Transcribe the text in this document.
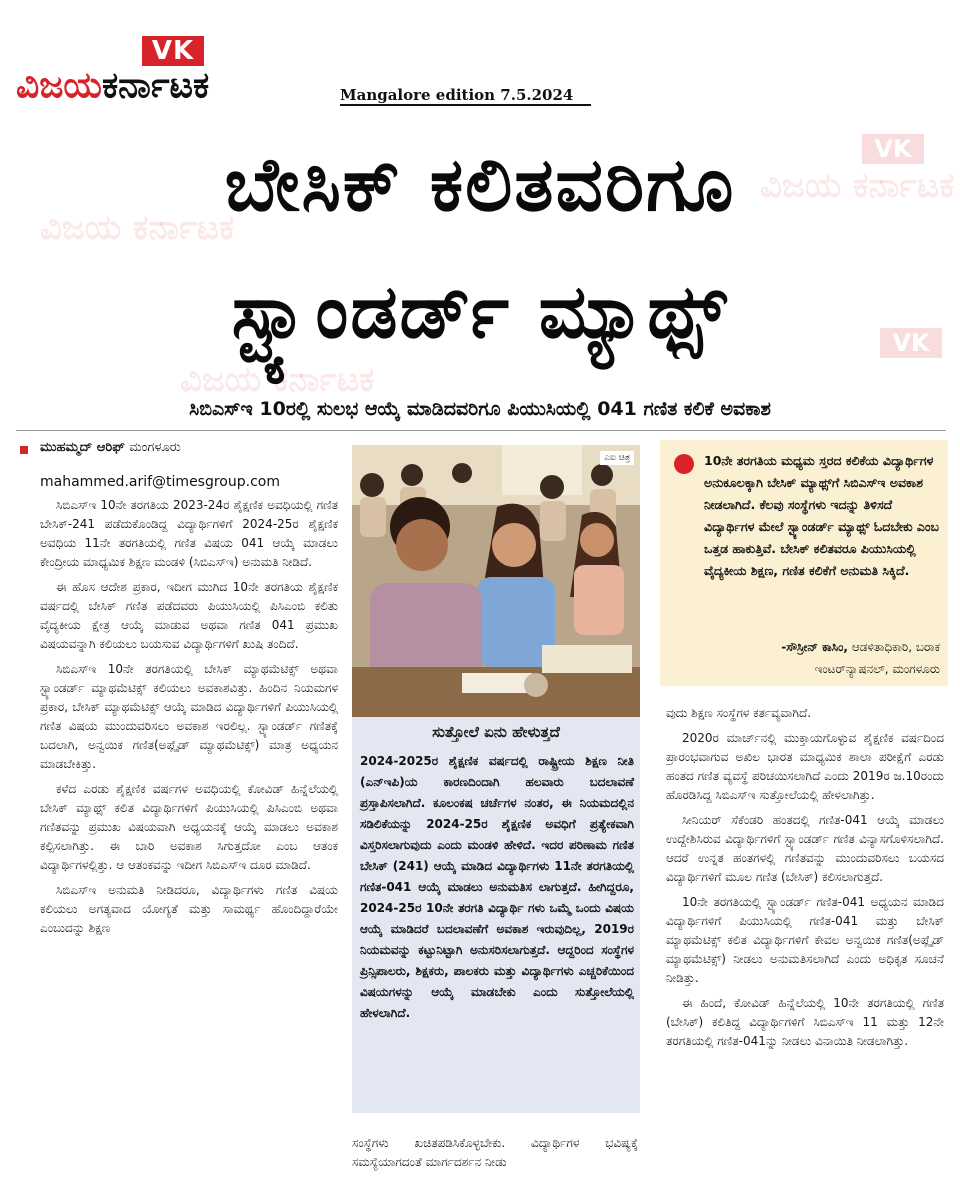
VK
ವಿಜಯ ಕರ್ನಾಟಕ
ವಿಜಯ ಕರ್ನಾಟಕ
VK
ವಿಜಯ ಕರ್ನಾಟಕ
VK
ವಿಜಯಕರ್ನಾಟಕ	Mangalore edition 7.5.2024
ಬೇಸಿಕ್ ಕಲಿತವರಿಗೂ
ಸ್ಟ್ಯಾಂಡರ್ಡ್ ಮ್ಯಾಥ್ಸ್
ಸಿಬಿಎಸ್‌ಇ 10ರಲ್ಲಿ ಸುಲಭ ಆಯ್ಕೆ ಮಾಡಿದವರಿಗೂ ಪಿಯುಸಿಯಲ್ಲಿ 041 ಗಣಿತ ಕಲಿಕೆ ಅವಕಾಶ
ಮುಹಮ್ಮದ್ ಆರಿಫ್ ಮಂಗಳೂರು
mahammed.arif@timesgroup.com

ಸಿಬಿಎಸ್‌ಇ 10ನೇ ತರಗತಿಯ 2023-24ರ ಶೈಕ್ಷಣಿಕ ಅವಧಿಯಲ್ಲಿ ಗಣಿತ ಬೇಸಿಕ್-241 ಪಡೆದುಕೊಂಡಿದ್ದ ವಿದ್ಯಾರ್ಥಿಗಳಿಗೆ 2024-25ರ ಶೈಕ್ಷಣಿಕ ಅವಧಿಯ 11ನೇ ತರಗತಿಯಲ್ಲಿ ಗಣಿತ ವಿಷಯ 041 ಆಯ್ಕೆ ಮಾಡಲು ಕೇಂದ್ರೀಯ ಮಾಧ್ಯಮಿಕ ಶಿಕ್ಷಣ ಮಂಡಳಿ (ಸಿಬಿಎಸ್‌ಇ) ಅನುಮತಿ ನೀಡಿದೆ.

ಈ ಹೊಸ ಆದೇಶ ಪ್ರಕಾರ, ಇದೀಗ ಮುಗಿದ 10ನೇ ತರಗತಿಯ ಶೈಕ್ಷಣಿಕ ವರ್ಷದಲ್ಲಿ ಬೇಸಿಕ್ ಗಣಿತ ಪಡೆದವರು ಪಿಯುಸಿಯಲ್ಲಿ ಪಿಸಿಎಂಬಿ ಕಲಿತು ವೈದ್ಯಕೀಯ ಕ್ಷೇತ್ರ ಆಯ್ಕೆ ಮಾಡುವ ಅಥವಾ ಗಣಿತ 041 ಪ್ರಮುಖ ವಿಷಯವನ್ನಾಗಿ ಕಲಿಯಲು ಬಯಸುವ ವಿದ್ಯಾರ್ಥಿಗಳಿಗೆ ಖುಷಿ ತಂದಿದೆ.

ಸಿಬಿಎಸ್‌ಇ 10ನೇ ತರಗತಿಯಲ್ಲಿ ಬೇಸಿಕ್ ಮ್ಯಾಥಮೆಟಿಕ್ಸ್ ಅಥವಾ ಸ್ಟ್ಯಾಂಡರ್ಡ್ ಮ್ಯಾಥಮೆಟಿಕ್ಸ್ ಕಲಿಯಲು ಅವಕಾಶವಿತ್ತು. ಹಿಂದಿನ ನಿಯಮಗಳ ಪ್ರಕಾರ, ಬೇಸಿಕ್ ಮ್ಯಾಥಮೆಟಿಕ್ಸ್ ಆಯ್ಕೆ ಮಾಡಿದ ವಿದ್ಯಾರ್ಥಿಗಳಿಗೆ ಪಿಯುಸಿಯಲ್ಲಿ ಗಣಿತ ವಿಷಯ ಮುಂದುವರಿಸಲು ಅವಕಾಶ ಇರಲಿಲ್ಲ. ಸ್ಟ್ಯಾಂಡರ್ಡ್ ಗಣಿತಕ್ಕೆ ಬದಲಾಗಿ, ಅನ್ವಯಿಕ ಗಣಿತ(ಅಪ್ಲೈಡ್ ಮ್ಯಾಥಮೆಟಿಕ್ಸ್) ಮಾತ್ರ ಅಧ್ಯಯನ ಮಾಡಬೇಕಿತ್ತು.

ಕಳೆದ ಎರಡು ಶೈಕ್ಷಣಿಕ ವರ್ಷಗಳ ಅವಧಿಯಲ್ಲಿ ಕೋವಿಡ್ ಹಿನ್ನೆಲೆಯಲ್ಲಿ ಬೇಸಿಕ್ ಮ್ಯಾಥ್ಸ್ ಕಲಿತ ವಿದ್ಯಾರ್ಥಿಗಳಿಗೆ ಪಿಯುಸಿಯಲ್ಲಿ ಪಿಸಿಎಂಬಿ ಅಥವಾ ಗಣಿತವನ್ನು ಪ್ರಮುಖ ವಿಷಯವಾಗಿ ಅಧ್ಯಯನಕ್ಕೆ ಆಯ್ಕೆ ಮಾಡಲು ಅವಕಾಶ ಕಲ್ಪಿಸಲಾಗಿತ್ತು. ಈ ಬಾರಿ ಅವಕಾಶ ಸಿಗುತ್ತದೋ ಎಂಬ ಆತಂಕ ವಿದ್ಯಾರ್ಥಿಗಳಲ್ಲಿತ್ತು. ಆ ಆತಂಕವನ್ನು ಇದೀಗ ಸಿಬಿಎಸ್‌ಇ ದೂರ ಮಾಡಿದೆ.

ಸಿಬಿಎಸ್‌ಇ ಅನುಮತಿ ನೀಡಿದರೂ, ವಿದ್ಯಾರ್ಥಿಗಳು ಗಣಿತ ವಿಷಯ ಕಲಿಯಲು ಅಗತ್ಯವಾದ ಯೋಗ್ಯತೆ ಮತ್ತು ಸಾಮರ್ಥ್ಯ ಹೊಂದಿದ್ದಾರೆಯೇ ಎಂಬುದನ್ನು ಶಿಕ್ಷಣ

ಎಐ ಚಿತ್ರ
ಸುತ್ತೋಲೆ ಏನು ಹೇಳುತ್ತದೆ
2024-2025ರ ಶೈಕ್ಷಣಿಕ ವರ್ಷದಲ್ಲಿ ರಾಷ್ಟ್ರೀಯ ಶಿಕ್ಷಣ ನೀತಿ (ಎನ್‌ಇಪಿ)ಯ ಕಾರಣದಿಂದಾಗಿ ಹಲವಾರು ಬದಲಾವಣೆ ಪ್ರಸ್ತಾಪಿಸಲಾಗಿದೆ. ಕೂಲಂಕಷ ಚರ್ಚೆಗಳ ನಂತರ, ಈ ನಿಯಮದಲ್ಲಿನ ಸಡಿಲಿಕೆಯನ್ನು 2024-25ರ ಶೈಕ್ಷಣಿಕ ಅವಧಿಗೆ ಪ್ರತ್ಯೇಕವಾಗಿ ವಿಸ್ತರಿಸಲಾಗುವುದು ಎಂದು ಮಂಡಳಿ ಹೇಳಿದೆ. ಇದರ ಪರಿಣಾಮ ಗಣಿತ ಬೇಸಿಕ್ (241) ಆಯ್ಕೆ ಮಾಡಿದ ವಿದ್ಯಾರ್ಥಿಗಳು 11ನೇ ತರಗತಿಯಲ್ಲಿ ಗಣಿತ-041 ಆಯ್ಕೆ ಮಾಡಲು ಅನುಮತಿಸ ಲಾಗುತ್ತದೆ. ಹೀಗಿದ್ದರೂ, 2024-25ರ 10ನೇ ತರಗತಿ ವಿದ್ಯಾರ್ಥಿ ಗಳು ಒಮ್ಮೆ ಒಂದು ವಿಷಯ ಆಯ್ಕೆ ಮಾಡಿದರೆ ಬದಲಾವಣೆಗೆ ಅವಕಾಶ ಇರುವುದಿಲ್ಲ, 2019ರ ನಿಯಮವನ್ನು ಕಟ್ಟುನಿಟ್ಟಾಗಿ ಅನುಸರಿಸಲಾಗುತ್ತದೆ. ಆದ್ದರಿಂದ ಸಂಸ್ಥೆಗಳ ಪ್ರಿನ್ಸಿಪಾಲರು, ಶಿಕ್ಷಕರು, ಪಾಲಕರು ಮತ್ತು ವಿದ್ಯಾರ್ಥಿಗಳು ಎಚ್ಚರಿಕೆಯಿಂದ ವಿಷಯಗಳನ್ನು ಆಯ್ಕೆ ಮಾಡಬೇಕು ಎಂದು ಸುತ್ತೋಲೆಯಲ್ಲಿ ಹೇಳಲಾಗಿದೆ.

ಸಂಸ್ಥೆಗಳು ಖಚಿತಪಡಿಸಿಕೊಳ್ಳಬೇಕು. ವಿದ್ಯಾರ್ಥಿಗಳ ಭವಿಷ್ಯಕ್ಕೆ ಸಮಸ್ಯೆಯಾಗದಂತೆ ಮಾರ್ಗದರ್ಶನ ನೀಡು

10ನೇ ತರಗತಿಯ ಮಧ್ಯಮ ಸ್ತರದ ಕಲಿಕೆಯ ವಿದ್ಯಾರ್ಥಿಗಳ ಅನುಕೂಲಕ್ಕಾಗಿ ಬೇಸಿಕ್ ಮ್ಯಾಥ್ಸ್‌ಗೆ ಸಿಬಿಎಸ್‌ಇ ಅವಕಾಶ ನೀಡಲಾಗಿದೆ. ಕೆಲವು ಸಂಸ್ಥೆಗಳು ಇದನ್ನು ತಿಳಿಸದೆ ವಿದ್ಯಾರ್ಥಿಗಳ ಮೇಲೆ ಸ್ಟ್ಯಾಂಡರ್ಡ್ ಮ್ಯಾಥ್ಸ್ ಓದಬೇಕು ಎಂಬ ಒತ್ತಡ ಹಾಕುತ್ತಿವೆ. ಬೇಸಿಕ್ ಕಲಿತವರೂ ಪಿಯುಸಿಯಲ್ಲಿ ವೈದ್ಯಕೀಯ ಶಿಕ್ಷಣ, ಗಣಿತ ಕಲಿಕೆಗೆ ಅನುಮತಿ ಸಿಕ್ಕಿದೆ.
-ಸೌಸ್ರೀನ್ ಕಾಸಿಂ, ಆಡಳಿತಾಧಿಕಾರಿ, ಬರಾಕ ಇಂಟರ್‌ನ್ಯಾಷನಲ್, ಮಂಗಳೂರು

ವುದು ಶಿಕ್ಷಣ ಸಂಸ್ಥೆಗಳ ಕರ್ತವ್ಯವಾಗಿದೆ.

2020ರ ಮಾರ್ಚ್‌ನಲ್ಲಿ ಮುಕ್ತಾಯಗೊಳ್ಳುವ ಶೈಕ್ಷಣಿಕ ವರ್ಷದಿಂದ ಪ್ರಾರಂಭವಾಗುವ ಅಖಿಲ ಭಾರತ ಮಾಧ್ಯಮಿಕ ಶಾಲಾ ಪರೀಕ್ಷೆಗೆ ಎರಡು ಹಂತದ ಗಣಿತ ವ್ಯವಸ್ಥೆ ಪರಿಚಯಿಸಲಾಗಿದೆ ಎಂದು 2019ರ ಜ.10ರಂದು ಹೊರಡಿಸಿದ್ದ ಸಿಬಿಎಸ್‌ಇ ಸುತ್ತೋಲೆಯಲ್ಲಿ ಹೇಳಲಾಗಿತ್ತು.

ಸೀನಿಯರ್ ಸೆಕೆಂಡರಿ ಹಂತದಲ್ಲಿ ಗಣಿತ-041 ಆಯ್ಕೆ ಮಾಡಲು ಉದ್ದೇಶಿಸಿರುವ ವಿದ್ಯಾರ್ಥಿಗಳಿಗೆ ಸ್ಟ್ಯಾಂಡರ್ಡ್ ಗಣಿತ ವಿನ್ಯಾಸಗೊಳಿಸಲಾಗಿದೆ. ಆದರೆ ಉನ್ನತ ಹಂತಗಳಲ್ಲಿ ಗಣಿತವನ್ನು ಮುಂದುವರಿಸಲು ಬಯಸದ ವಿದ್ಯಾರ್ಥಿಗಳಿಗೆ ಮೂಲ ಗಣಿತ (ಬೇಸಿಕ್) ಕಲಿಸಲಾಗುತ್ತದೆ.

10ನೇ ತರಗತಿಯಲ್ಲಿ ಸ್ಟ್ಯಾಂಡರ್ಡ್ ಗಣಿತ-041 ಅಧ್ಯಯನ ಮಾಡಿದ ವಿದ್ಯಾರ್ಥಿಗಳಿಗೆ ಪಿಯುಸಿಯಲ್ಲಿ ಗಣಿತ-041 ಮತ್ತು ಬೇಸಿಕ್ ಮ್ಯಾಥಮೆಟಿಕ್ಸ್ ಕಲಿತ ವಿದ್ಯಾರ್ಥಿಗಳಿಗೆ ಕೇವಲ ಅನ್ವಯಿಕ ಗಣಿತ(ಅಪ್ಲೈಡ್ ಮ್ಯಾಥಮೆಟಿಕ್ಸ್) ನೀಡಲು ಅನುಮತಿಸಲಾಗಿದೆ ಎಂದು ಅಧಿಕೃತ ಸೂಚನೆ ನೀಡಿತ್ತು.

ಈ ಹಿಂದೆ, ಕೋವಿಡ್ ಹಿನ್ನೆಲೆಯಲ್ಲಿ 10ನೇ ತರಗತಿಯಲ್ಲಿ ಗಣಿತ (ಬೇಸಿಕ್) ಕಲಿತಿದ್ದ ವಿದ್ಯಾರ್ಥಿಗಳಿಗೆ ಸಿಬಿಎಸ್‌ಇ 11 ಮತ್ತು 12ನೇ ತರಗತಿಯಲ್ಲಿ ಗಣಿತ-041ನ್ನು ನೀಡಲು ವಿನಾಯಿತಿ ನೀಡಲಾಗಿತ್ತು.
